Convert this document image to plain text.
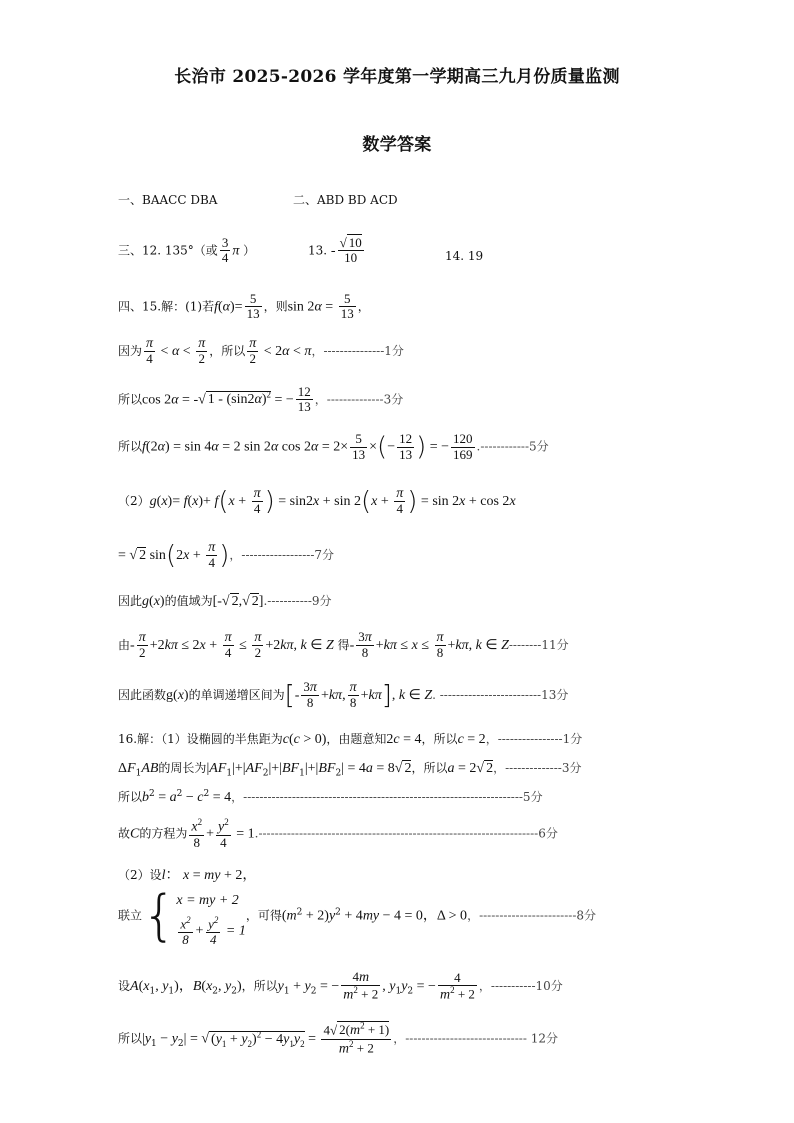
长治市 2025-2026 学年度第一学期高三九月份质量监测
数学答案
一、BAACC DBA	二、ABD BD ACD
三、12. 135°（或 $\frac{3}{4}$ π ）	13. - $\frac{√ 10}{10}$	14. 19
四、15.解：(1)若$f(\alpha)= \frac{5}{13}$ ，则$\sin 2\alpha = \frac{5}{13}$ ，
因为 $\frac{\pi}{4} < \alpha < \frac{\pi}{2}$ ，所以 $\frac{\pi}{2} < 2\alpha < \pi$，---------------1分
所以cos 2α = -√ $1 - (\sin 2\alpha)^2$ = − $\frac{12}{13}$ ，--------------3分
所以f(2α) = sin 4α = 2 sin 2α $\cos 2\alpha = 2\times \frac{5}{13}$ ×(− $\frac{12}{13}$ ) = − $\frac{120}{169} .------------5$分
$(2)g(x)= f(x)+ f(x + \frac{\pi}{4}$ ) = $\sin 2x + \sin 2(x + \frac{\pi}{4}$ ) = sin 2x + cos 2x
= √ 2 $\sin(2x + \frac{\pi}{4}$ )，------------------7分
因此g(x)的值域为[-√ 2,√ 2].-----------9分
由- $\frac{\pi}{2} +2k\pi \le 2x + \frac{\pi}{4} \le \frac{\pi}{2} +2k\pi$, k ∈ Z 得- $\frac{3\pi}{8} +k\pi \le x \le \frac{\pi}{8} +k\pi$, k ∈ Z--------11分
因此函数g(x)的单调递增区间为[- $\frac{3\pi}{8} +k\pi$, $\frac{\pi}{8} +k\pi$], k ∈ Z. -------------------------13分
16.解：（1）设椭圆的半焦距为c(c > 0)，由题意知2c = 4，所以c = 2，----------------1分
$\Delta F_1AB$的周长为$|AF_1|+|AF_2|+|BF_1|+|BF_2| = 4a = 8√$ 2，所以a = 2√ 2，--------------3分
所以$b^2 = a^2 - c^2 = 4$，---------------------------------------------------------------------5分
故C的方程为 $\frac{x^2}{8} + \frac{y^2}{4} = 1.---------------------------------------------------------------------6$分
（2）设l： x = my + 2，
联立{ x = my + 2
$\frac{x^2}{8} + \frac{y^2}{4} = 1$
，可得$(m^2 + 2)y^2 + 4my - 4 = 0$，Δ > 0，------------------------8分
设$A(x_1$, $y_1$)，$B(x_2$, $y_2$)，所以$y_1 + y_2$ = − $\frac{4m}{m^2 + 2}$ , $y_1y_2$ = − $\frac{4}{m^2 + 2}$ ，-----------10分
所以$|y_1 - y_2|$ = √ $(y_1 + y_2)^2 - 4y_1y_2 = \frac{4√ 2(m^2 + 1)}{m^2 + 2}$ ，------------------------------ 12分
